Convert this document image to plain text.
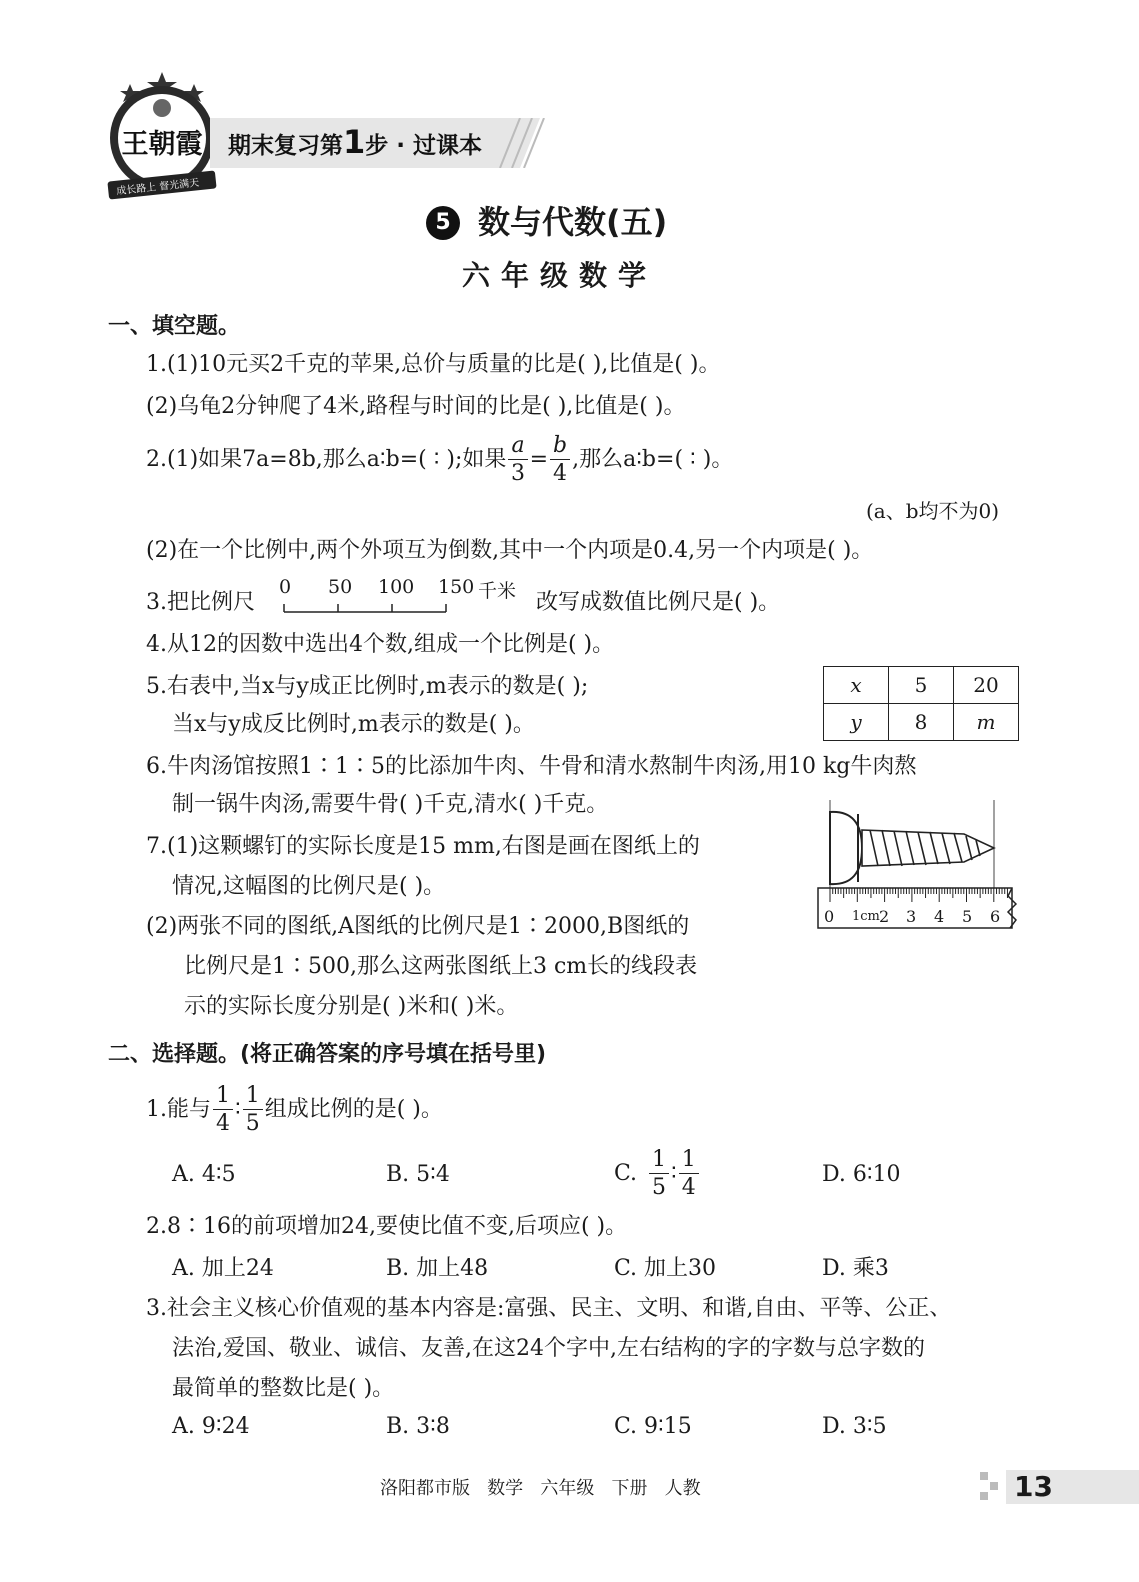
王朝霞
成长路上 督光满天
期末复习第1步 · 过课本
5 数与代数(五)
六年级数学
一、填空题。
1.(1)10元买2千克的苹果,总价与质量的比是( ),比值是( )。
(2)乌龟2分钟爬了4米,路程与时间的比是( ),比值是( )。
2.(1)如果7a=8b,那么a∶b=( ∶ );如果 $\frac{a}{3} = \frac{b}{4}$ ,那么a∶b=( ∶ )。
(a、b均不为0)
(2)在一个比例中,两个外项互为倒数,其中一个内项是0.4,另一个内项是( )。
3.把比例尺
0 50 100 150 千米 改写成数值比例尺是( )。
4.从12的因数中选出4个数,组成一个比例是( )。
5.右表中,当x与y成正比例时,m表示的数是( );
当x与y成反比例时,m表示的数是( )。
x	5	20
y	8	m
6.牛肉汤馆按照1∶1∶5的比添加牛肉、牛骨和清水熬制牛肉汤,用10 kg牛肉熬
制一锅牛肉汤,需要牛骨( )千克,清水( )千克。
7.(1)这颗螺钉的实际长度是15 mm,右图是画在图纸上的
情况,这幅图的比例尺是( )。
(2)两张不同的图纸,A图纸的比例尺是1∶2000,B图纸的
比例尺是1∶500,那么这两张图纸上3 cm长的线段表
示的实际长度分别是( )米和( )米。
0 1cm 2 3 4 5 6
二、选择题。(将正确答案的序号填在括号里)
1.能与 $\frac{1}{4}$ ∶ $\frac{1}{5}$ 组成比例的是( )。
A. 4∶5	B. 5∶4	C. $\frac{1}{5}$ ∶ $\frac{1}{4}$	D. 6∶10
2.8∶16的前项增加24,要使比值不变,后项应( )。
A. 加上24	B. 加上48	C. 加上30	D. 乘3
3.社会主义核心价值观的基本内容是:富强、民主、文明、和谐,自由、平等、公正、
法治,爱国、敬业、诚信、友善,在这24个字中,左右结构的字的字数与总字数的
最简单的整数比是( )。
A. 9∶24	B. 3∶8	C. 9∶15	D. 3∶5
洛阳都市版   数学   六年级   下册   人教	13
